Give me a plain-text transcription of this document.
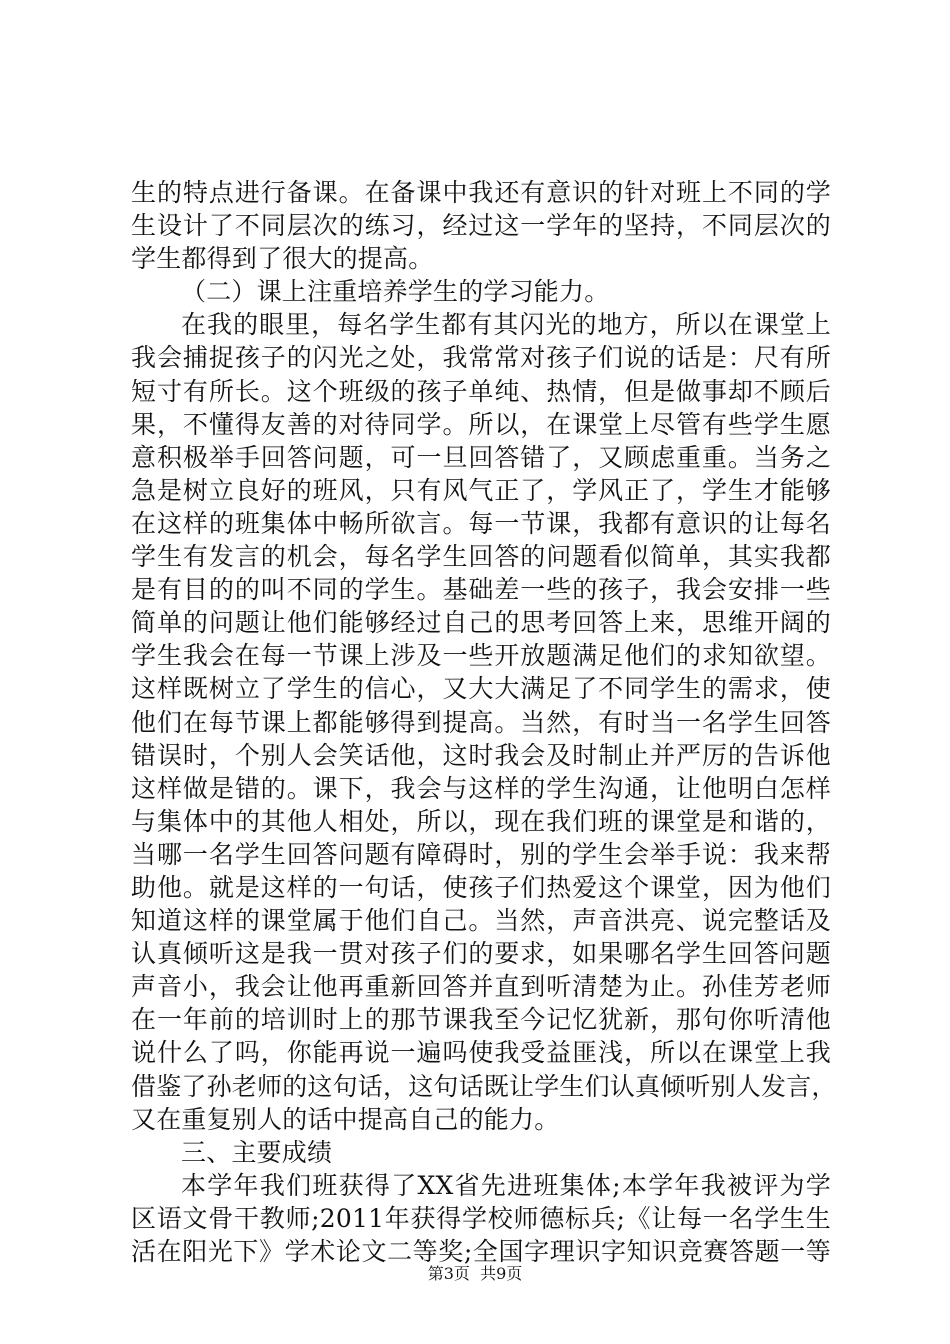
生的特点进行备课。在备课中我还有意识的针对班上不同的学
生设计了不同层次的练习，经过这一学年的坚持，不同层次的
学生都得到了很大的提高。
（二）课上注重培养学生的学习能力。
在我的眼里，每名学生都有其闪光的地方，所以在课堂上
我会捕捉孩子的闪光之处，我常常对孩子们说的话是：尺有所
短寸有所长。这个班级的孩子单纯、热情，但是做事却不顾后
果，不懂得友善的对待同学。所以，在课堂上尽管有些学生愿
意积极举手回答问题，可一旦回答错了，又顾虑重重。当务之
急是树立良好的班风，只有风气正了，学风正了，学生才能够
在这样的班集体中畅所欲言。每一节课，我都有意识的让每名
学生有发言的机会，每名学生回答的问题看似简单，其实我都
是有目的的叫不同的学生。基础差一些的孩子，我会安排一些
简单的问题让他们能够经过自己的思考回答上来，思维开阔的
学生我会在每一节课上涉及一些开放题满足他们的求知欲望。
这样既树立了学生的信心，又大大满足了不同学生的需求，使
他们在每节课上都能够得到提高。当然，有时当一名学生回答
错误时，个别人会笑话他，这时我会及时制止并严厉的告诉他
这样做是错的。课下，我会与这样的学生沟通，让他明白怎样
与集体中的其他人相处，所以，现在我们班的课堂是和谐的，
当哪一名学生回答问题有障碍时，别的学生会举手说：我来帮
助他。就是这样的一句话，使孩子们热爱这个课堂，因为他们
知道这样的课堂属于他们自己。当然，声音洪亮、说完整话及
认真倾听这是我一贯对孩子们的要求，如果哪名学生回答问题
声音小，我会让他再重新回答并直到听清楚为止。孙佳芳老师
在一年前的培训时上的那节课我至今记忆犹新，那句你听清他
说什么了吗，你能再说一遍吗使我受益匪浅，所以在课堂上我
借鉴了孙老师的这句话，这句话既让学生们认真倾听别人发言，
又在重复别人的话中提高自己的能力。
三、主要成绩
本学年我们班获得了XX省先进班集体;本学年我被评为学
区语文骨干教师;2011年获得学校师德标兵;《让每一名学生生
活在阳光下》学术论文二等奖;全国字理识字知识竞赛答题一等
第3页 共9页
